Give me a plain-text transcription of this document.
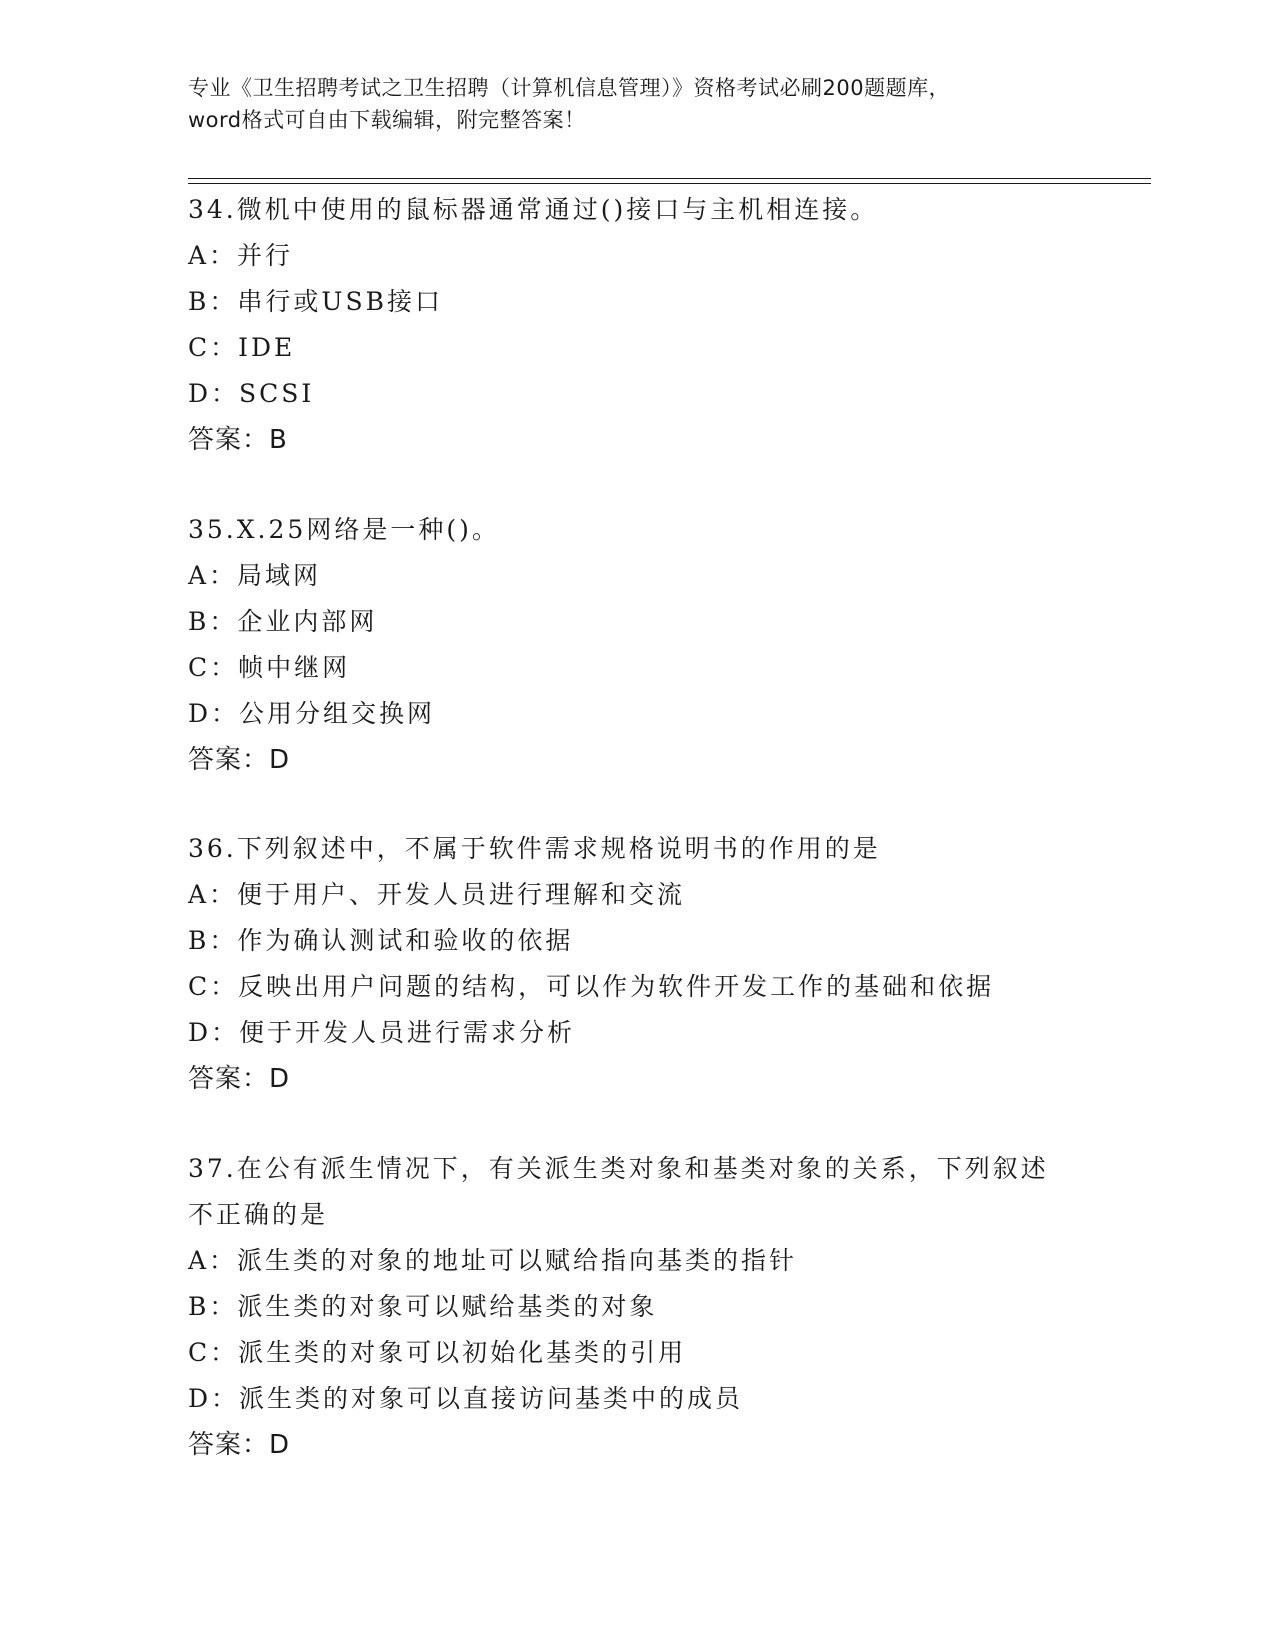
专业《卫生招聘考试之卫生招聘（计算机信息管理）》资格考试必刷200题题库，
word格式可自由下载编辑，附完整答案！
34.微机中使用的鼠标器通常通过()接口与主机相连接。
A：并行
B：串行或USB接口
C：IDE
D：SCSI
答案：B
35.X.25网络是一种()。
A：局域网
B：企业内部网
C：帧中继网
D：公用分组交换网
答案：D
36.下列叙述中，不属于软件需求规格说明书的作用的是
A：便于用户、开发人员进行理解和交流
B：作为确认测试和验收的依据
C：反映出用户问题的结构，可以作为软件开发工作的基础和依据
D：便于开发人员进行需求分析
答案：D
37.在公有派生情况下，有关派生类对象和基类对象的关系，下列叙述
不正确的是
A：派生类的对象的地址可以赋给指向基类的指针
B：派生类的对象可以赋给基类的对象
C：派生类的对象可以初始化基类的引用
D：派生类的对象可以直接访问基类中的成员
答案：D
